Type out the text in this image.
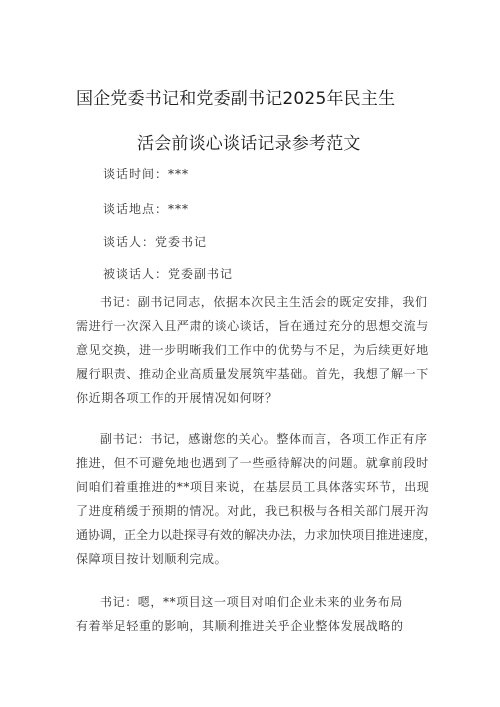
国企党委书记和党委副书记2025年民主生
活会前谈心谈话记录参考范文
谈话时间：***
谈话地点：***
谈话人：党委书记
被谈话人：党委副书记
书记：副书记同志，依据本次民主生活会的既定安排，我们
需进行一次深入且严肃的谈心谈话，旨在通过充分的思想交流与
意见交换，进一步明晰我们工作中的优势与不足，为后续更好地
履行职责、推动企业高质量发展筑牢基础。首先，我想了解一下
你近期各项工作的开展情况如何呀？
副书记：书记，感谢您的关心。整体而言，各项工作正有序
推进，但不可避免地也遇到了一些亟待解决的问题。就拿前段时
间咱们着重推进的**项目来说，在基层员工具体落实环节，出现
了进度稍缓于预期的情况。对此，我已积极与各相关部门展开沟
通协调，正全力以赴探寻有效的解决办法，力求加快项目推进速度，
保障项目按计划顺利完成。
书记：嗯，**项目这一项目对咱们企业未来的业务布局
有着举足轻重的影响，其顺利推进关乎企业整体发展战略的
